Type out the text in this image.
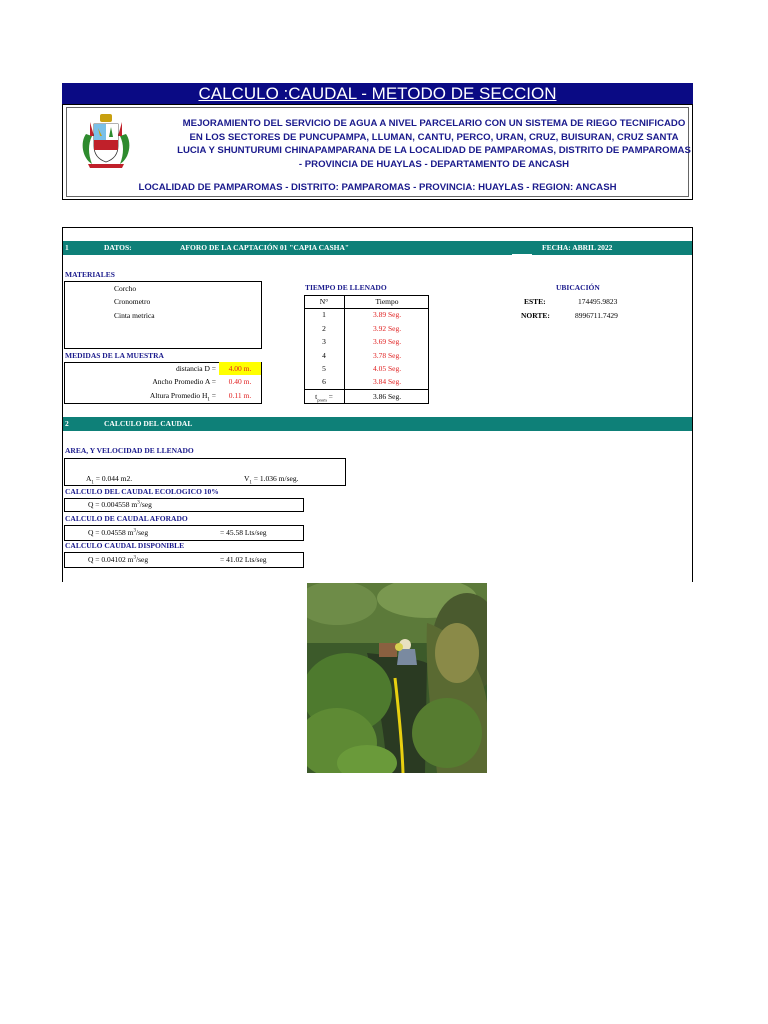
CALCULO :CAUDAL - METODO DE SECCION
MEJORAMIENTO DEL SERVICIO DE AGUA A NIVEL PARCELARIO CON UN SISTEMA DE RIEGO TECNIFICADO EN LOS SECTORES DE PUNCUPAMPA, LLUMAN, CANTU, PERCO, URAN, CRUZ, BUISURAN, CRUZ SANTA LUCIA Y SHUNTURUMI CHINAPAMPARANA DE LA LOCALIDAD DE PAMPAROMAS, DISTRITO DE PAMPAROMAS - PROVINCIA DE HUAYLAS - DEPARTAMENTO DE ANCASH
LOCALIDAD DE PAMPAROMAS - DISTRITO: PAMPAROMAS - PROVINCIA: HUAYLAS - REGION: ANCASH
1	DATOS:	AFORO DE LA CAPTACIÓN 01 "CAPIA CASHA"	FECHA: ABRIL 2022
MATERIALES
Corcho
Cronometro
Cinta metrica
MEDIDAS DE LA MUESTRA
distancia D =	4.00 m.
Ancho Promedio A =	0.40 m.
Altura Promedio $H_1$ =	0.11 m.
TIEMPO DE LLENADO
N°	Tiempo
1	3.89 Seg.
2	3.92 Seg.
3	3.69 Seg.
4	3.78 Seg.
5	4.05 Seg.
6	3.84 Seg.
$t_{prom}$ =	3.86 Seg.
UBICACIÓN
ESTE:	174495.9823
NORTE:	8996711.7429
2	CALCULO DEL CAUDAL
AREA, Y VELOCIDAD DE LLENADO
$A_1 = 0.044$ m2.	$V_1 = 1.036$ m/seg.
CALCULO DEL CAUDAL ECOLOGICO 10%
Q = 0.004558 $m^3$/seg
CALCULO DE CAUDAL AFORADO
Q = 0.04558 $m^3$/seg	= 45.58 Lts/seg
CALCULO CAUDAL DISPONIBLE
Q = 0.04102 $m^3$/seg	= 41.02 Lts/seg
